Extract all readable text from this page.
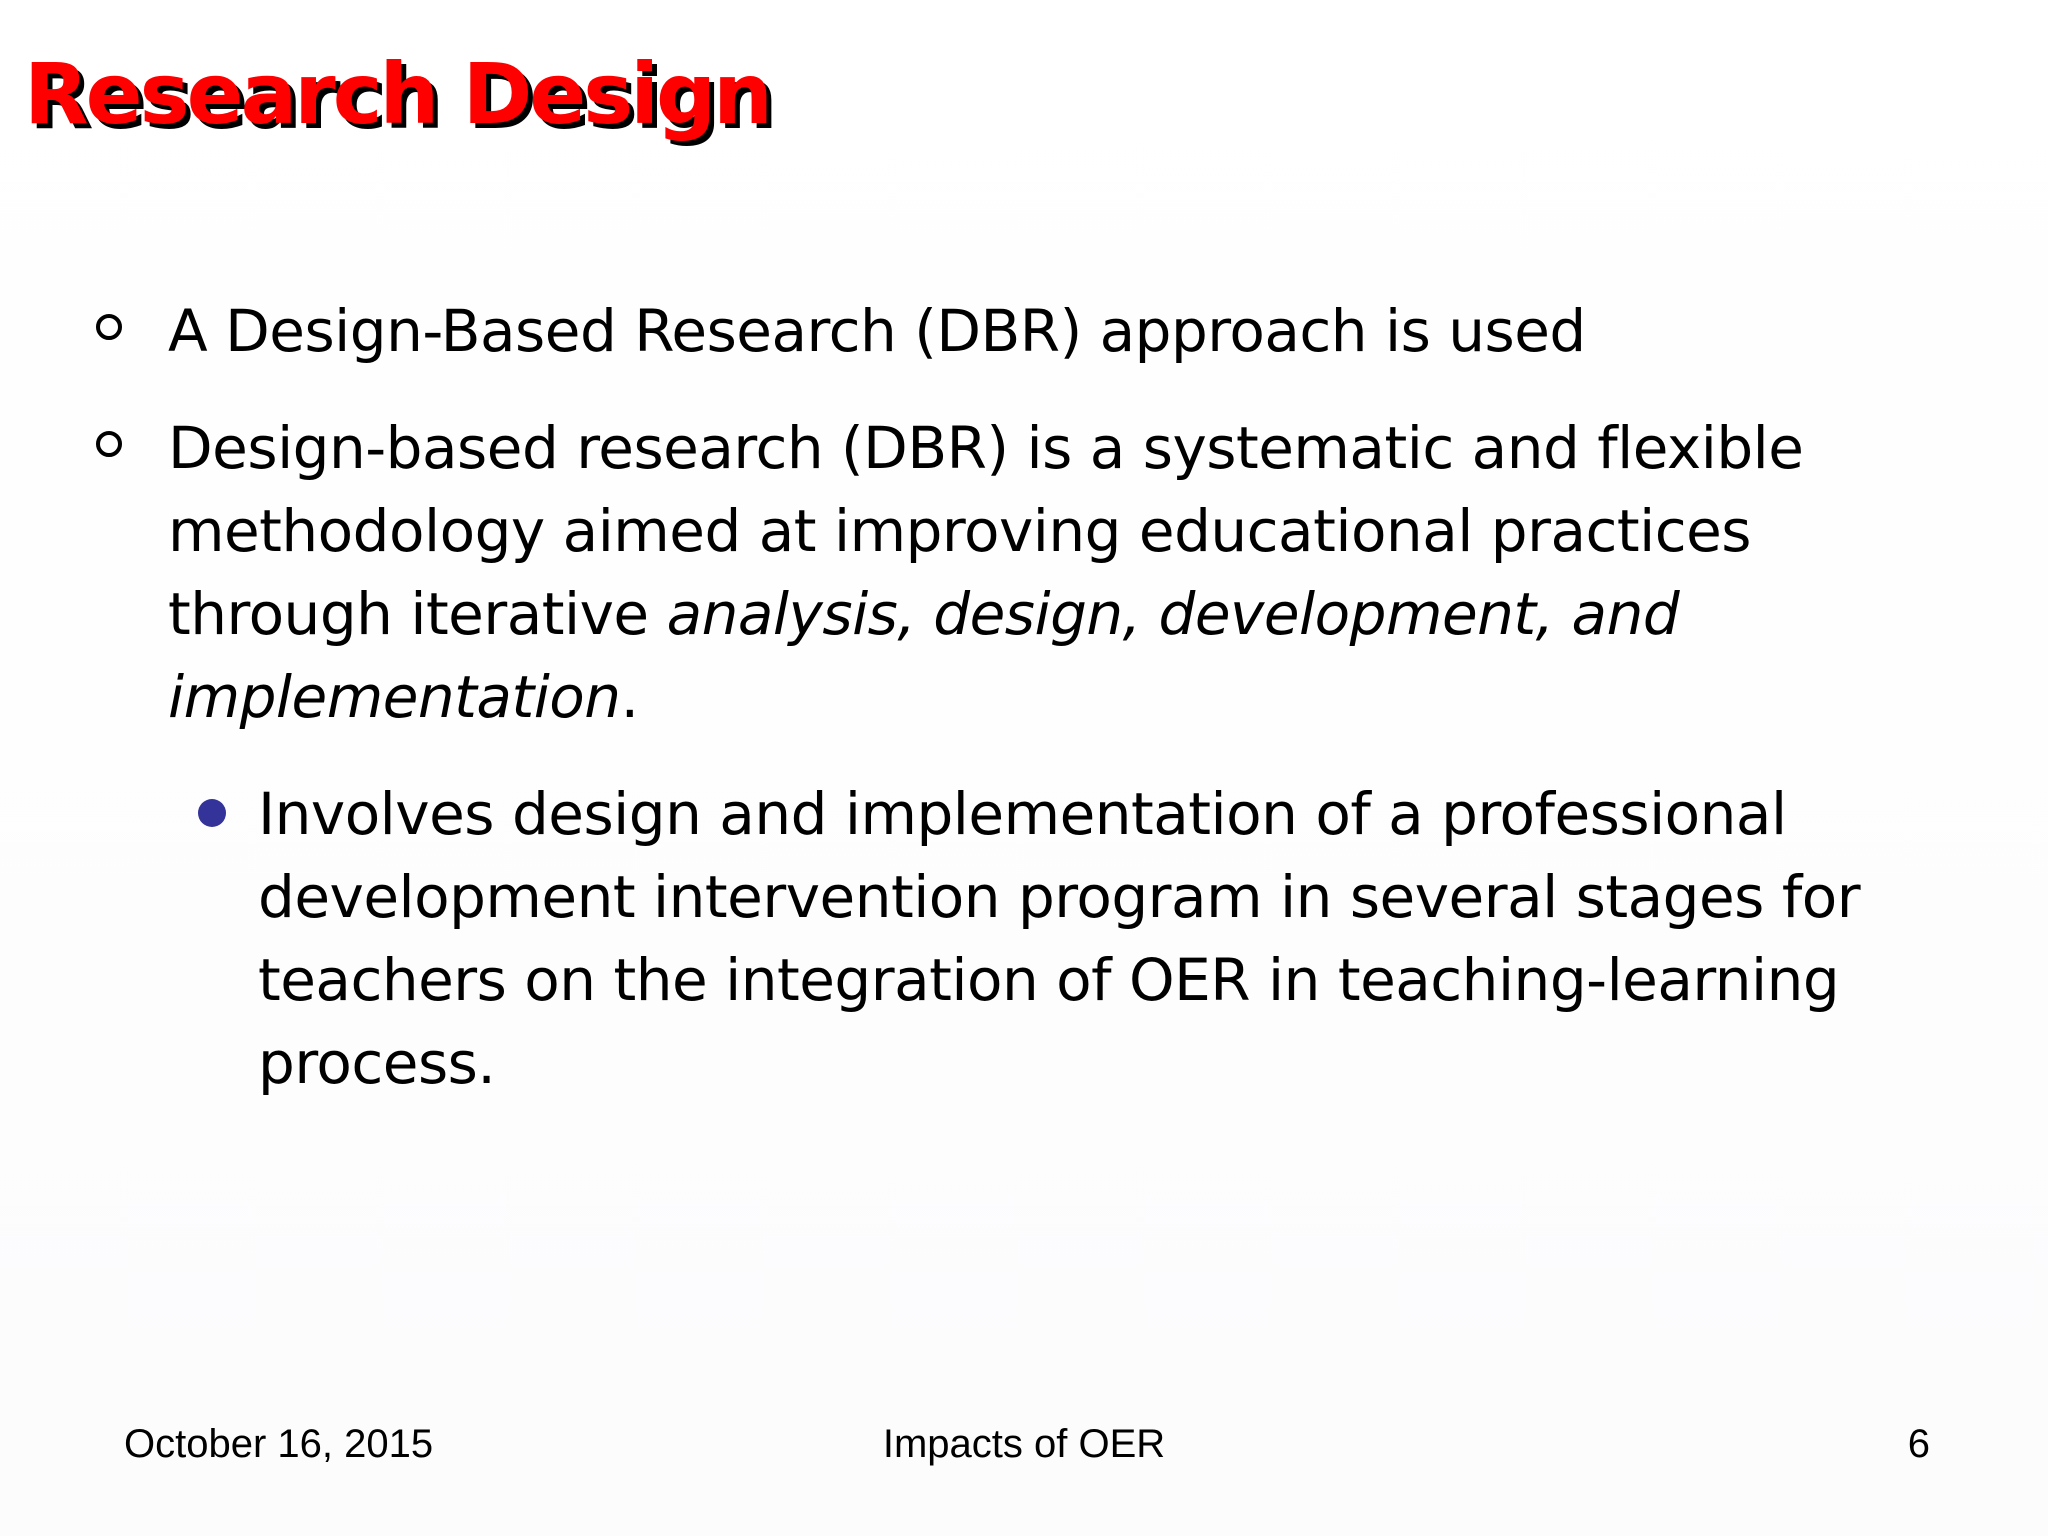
Research Design
A Design-Based Research (DBR) approach is used
Design-based research (DBR) is a systematic and flexible methodology aimed at improving educational practices through iterative analysis, design, development, and implementation.
Involves design and implementation of a professional development intervention program in several stages for teachers on the integration of OER in teaching-learning process.
October 16, 2015	Impacts of OER	6
